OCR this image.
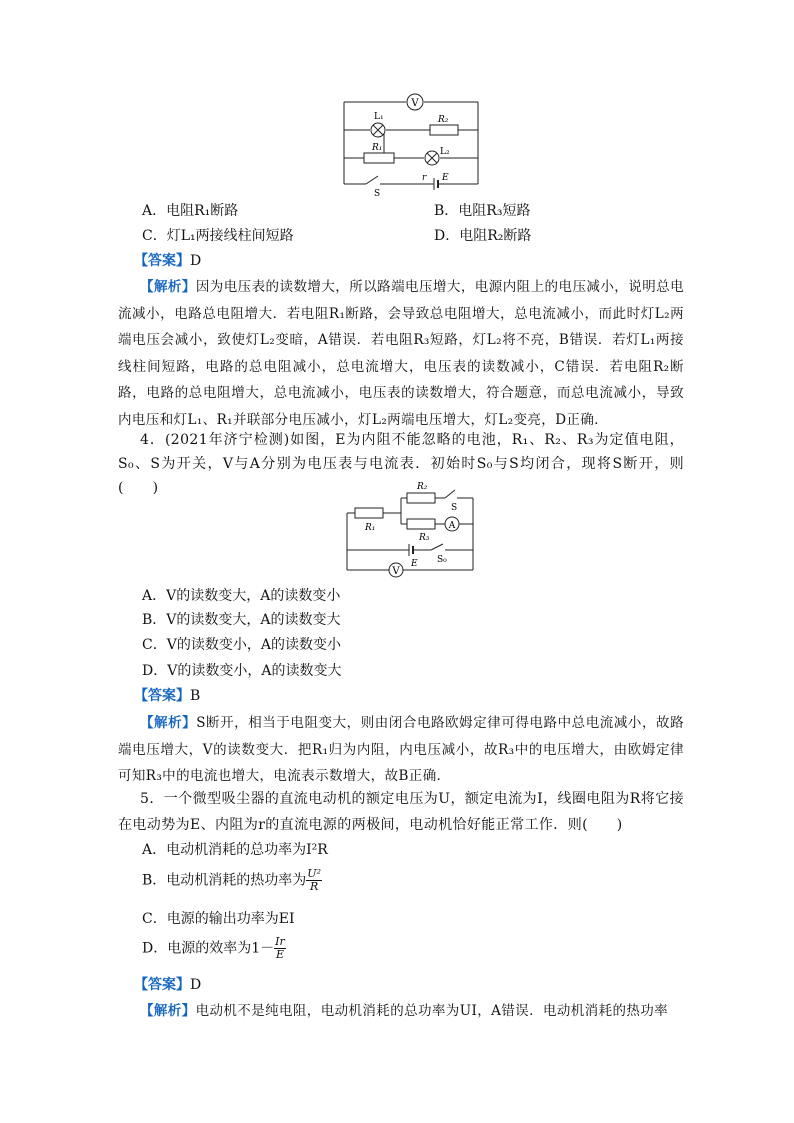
V
L₁	R₂
R₁	L₂
r E
S
A．电阻R₁断路	B．电阻R₃短路
C．灯L₁两接线柱间短路	D．电阻R₂断路
【答案】D
【解析】因为电压表的读数增大，所以路端电压增大，电源内阻上的电压减小，说明总电流减小，电路总电阻增大．若电阻R₁断路，会导致总电阻增大，总电流减小，而此时灯L₂两端电压会减小，致使灯L₂变暗，A错误．若电阻R₃短路，灯L₂将不亮，B错误．若灯L₁两接线柱间短路，电路的总电阻减小，总电流增大，电压表的读数减小，C错误．若电阻R₂断路，电路的总电阻增大，总电流减小，电压表的读数增大，符合题意，而总电流减小，导致内电压和灯L₁、R₁并联部分电压减小，灯L₂两端电压增大，灯L₂变亮，D正确．
4．(2021年济宁检测)如图，E为内阻不能忽略的电池，R₁、R₂、R₃为定值电阻，S₀、S为开关，V与A分别为电压表与电流表．初始时S₀与S均闭合，现将S断开，则(　　)	R₂
S
R₁	A
R₃
S₀
V
E
A．V的读数变大，A的读数变小
B．V的读数变大，A的读数变大
C．V的读数变小，A的读数变小
D．V的读数变小，A的读数变大
【答案】B
【解析】S断开，相当于电阻变大，则由闭合电路欧姆定律可得电路中总电流减小，故路端电压增大，V的读数变大．把R₁归为内阻，内电压减小，故R₃中的电压增大，由欧姆定律可知R₃中的电流也增大，电流表示数增大，故B正确．
5．一个微型吸尘器的直流电动机的额定电压为U，额定电流为I，线圈电阻为R将它接在电动势为E、内阻为r的直流电源的两极间，电动机恰好能正常工作．则(　　)
A．电动机消耗的总功率为I²R
B．电动机消耗的热功率为 $\frac{\text{U²}}{R}$
C．电源的输出功率为EI
D．电源的效率为$1- \frac{Ir}{E}$
【答案】D
【解析】电动机不是纯电阻，电动机消耗的总功率为UI，A错误．电动机消耗的热功率
